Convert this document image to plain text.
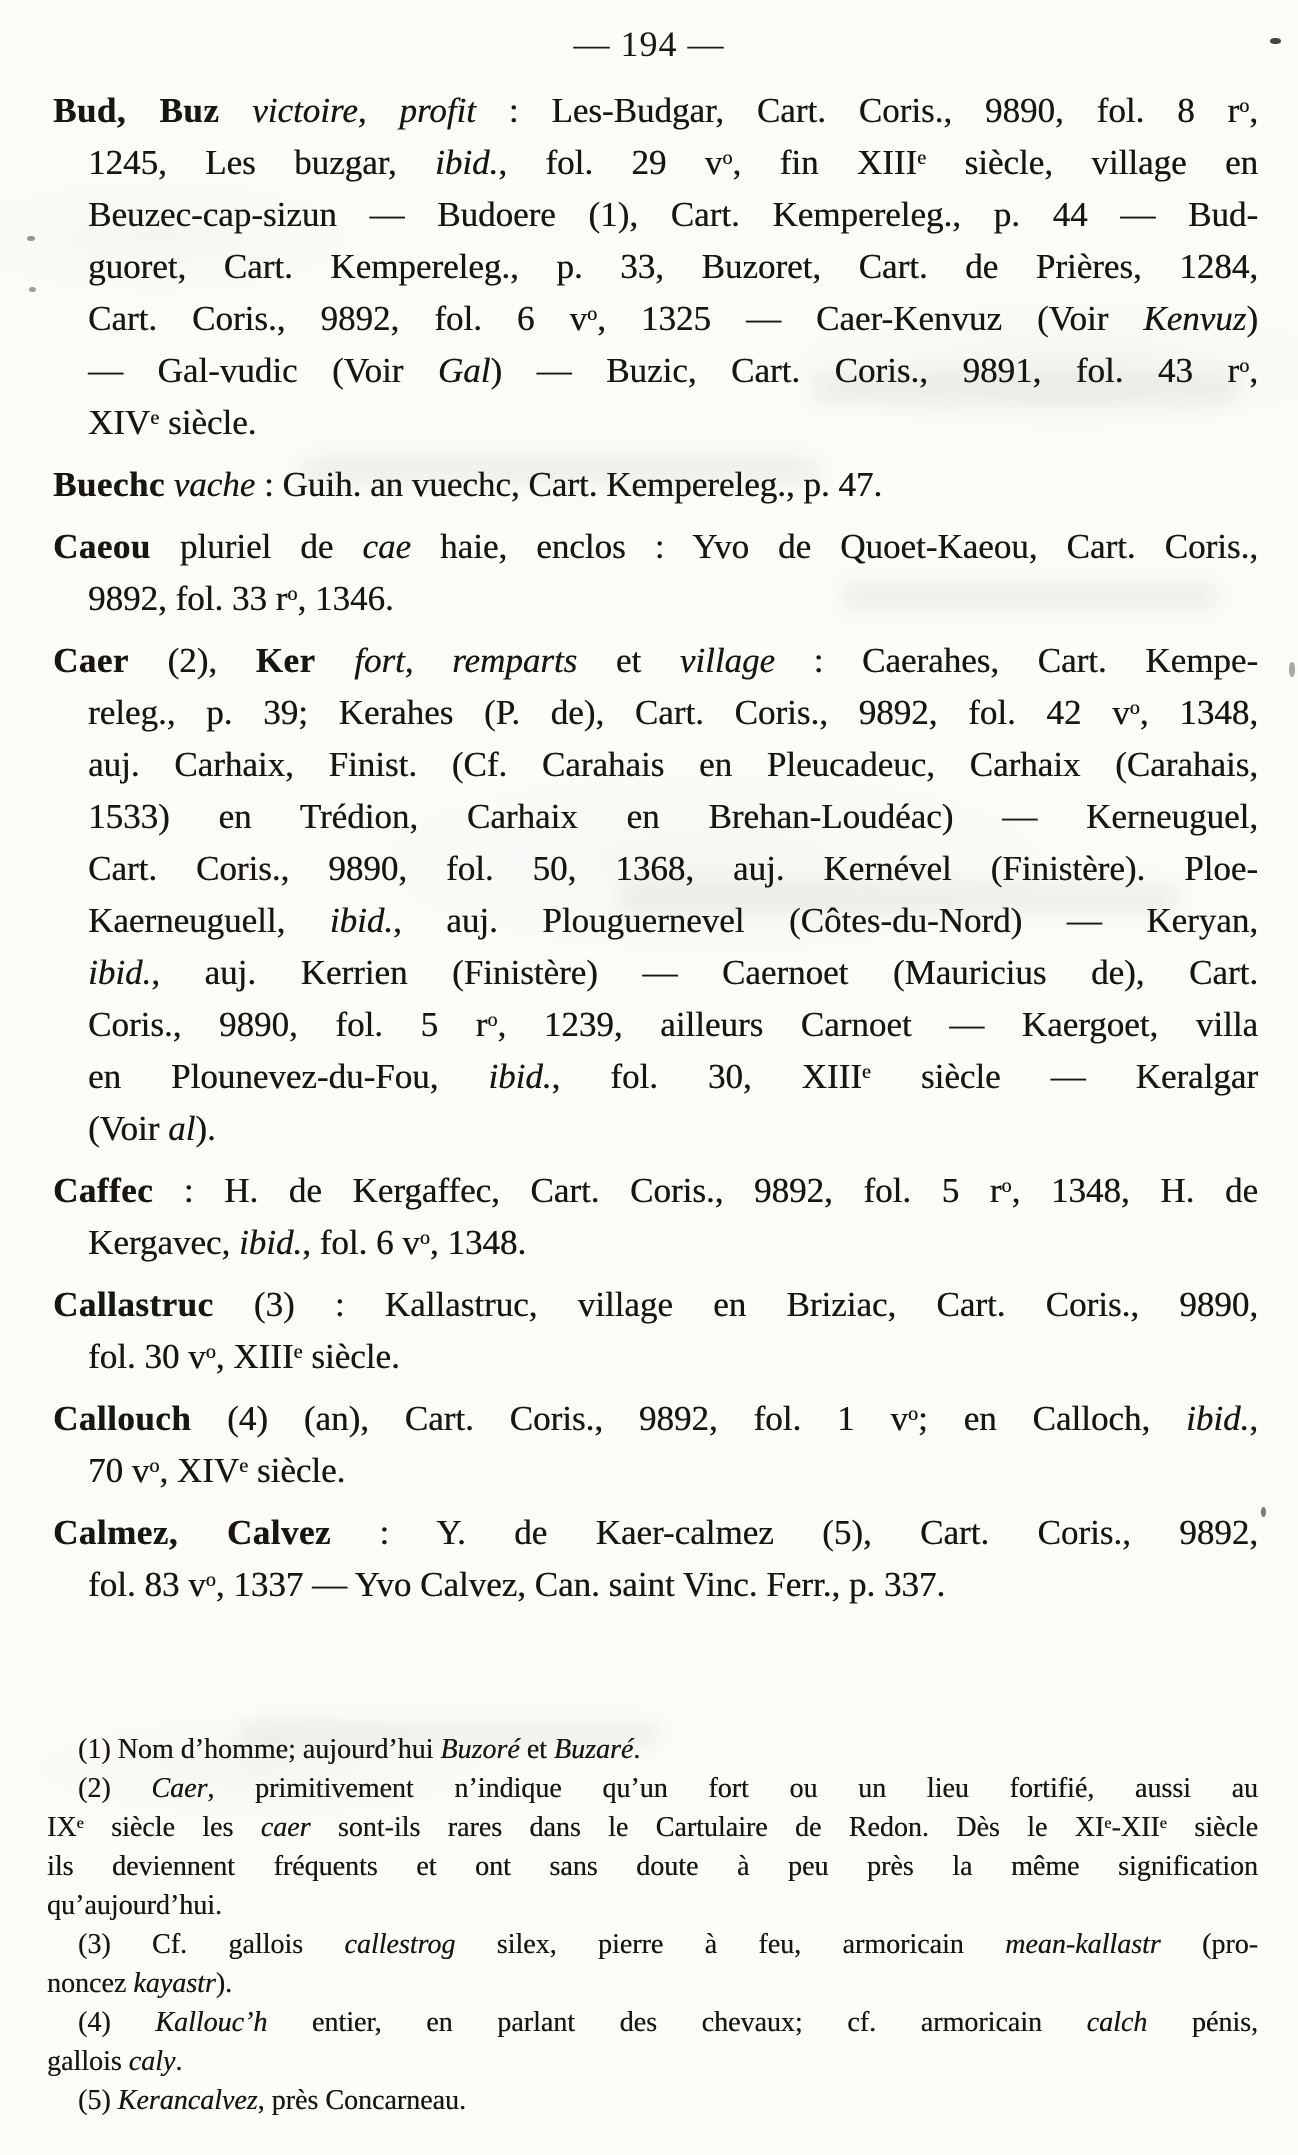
— 194 —
Bud, Buz victoire, profit : Les-Budgar, Cart. Coris., 9890, fol. 8 $r^o$,
1245, Les buzgar, ibid., fol. 29 $v^o$, fin XIIIe siècle, village en
Beuzec-cap-sizun — Budoere (1), Cart. Kempereleg., p. 44 — Bud-
guoret, Cart. Kempereleg., p. 33, Buzoret, Cart. de Prières, 1284,
Cart. Coris., 9892, fol. 6 $v^o$, 1325 — Caer-Kenvuz (Voir Kenvuz)
— Gal-vudic (Voir Gal) — Buzic, Cart. Coris., 9891, fol. 43 $r^o$,
XIVe siècle.
Buechc vache : Guih. an vuechc, Cart. Kempereleg., p. 47.
Caeou pluriel de cae haie, enclos : Yvo de Quoet-Kaeou, Cart. Coris.,
9892, fol. 33 $r^o$, 1346.
Caer (2), Ker fort, remparts et village : Caerahes, Cart. Kempe-
releg., p. 39; Kerahes (P. de), Cart. Coris., 9892, fol. 42 $v^o$, 1348,
auj. Carhaix, Finist. (Cf. Carahais en Pleucadeuc, Carhaix (Carahais,
1533) en Trédion, Carhaix en Brehan-Loudéac) — Kerneuguel,
Cart. Coris., 9890, fol. 50, 1368, auj. Kernével (Finistère). Ploe-
Kaerneuguell, ibid., auj. Plouguernevel (Côtes-du-Nord) — Keryan,
ibid., auj. Kerrien (Finistère) — Caernoet (Mauricius de), Cart.
Coris., 9890, fol. 5 $r^o$, 1239, ailleurs Carnoet — Kaergoet, villa
en Plounevez-du-Fou, ibid., fol. 30, XIIIe siècle — Keralgar
(Voir al).
Caffec : H. de Kergaffec, Cart. Coris., 9892, fol. 5 $r^o$, 1348, H. de
Kergavec, ibid., fol. 6 $v^o$, 1348.
Callastruc (3) : Kallastruc, village en Briziac, Cart. Coris., 9890,
fol. 30 $v^o$, XIIIe siècle.
Callouch (4) (an), Cart. Coris., 9892, fol. 1 $v^o$; en Calloch, ibid.,
70 $v^o$, XIVe siècle.
Calmez, Calvez : Y. de Kaer-calmez (5), Cart. Coris., 9892,
fol. 83 $v^o$, 1337 — Yvo Calvez, Can. saint Vinc. Ferr., p. 337.
(1) Nom d’homme; aujourd’hui Buzoré et Buzaré.
(2) Caer, primitivement n’indique qu’un fort ou un lieu fortifié, aussi au
IXe siècle les caer sont-ils rares dans le Cartulaire de Redon. Dès le XIe-XIIe siècle
ils deviennent fréquents et ont sans doute à peu près la même signification
qu’aujourd’hui.
(3) Cf. gallois callestrog silex, pierre à feu, armoricain mean-kallastr (pro-
noncez kayastr).
(4) Kallouc’h entier, en parlant des chevaux; cf. armoricain calch pénis,
gallois caly.
(5) Kerancalvez, près Concarneau.
